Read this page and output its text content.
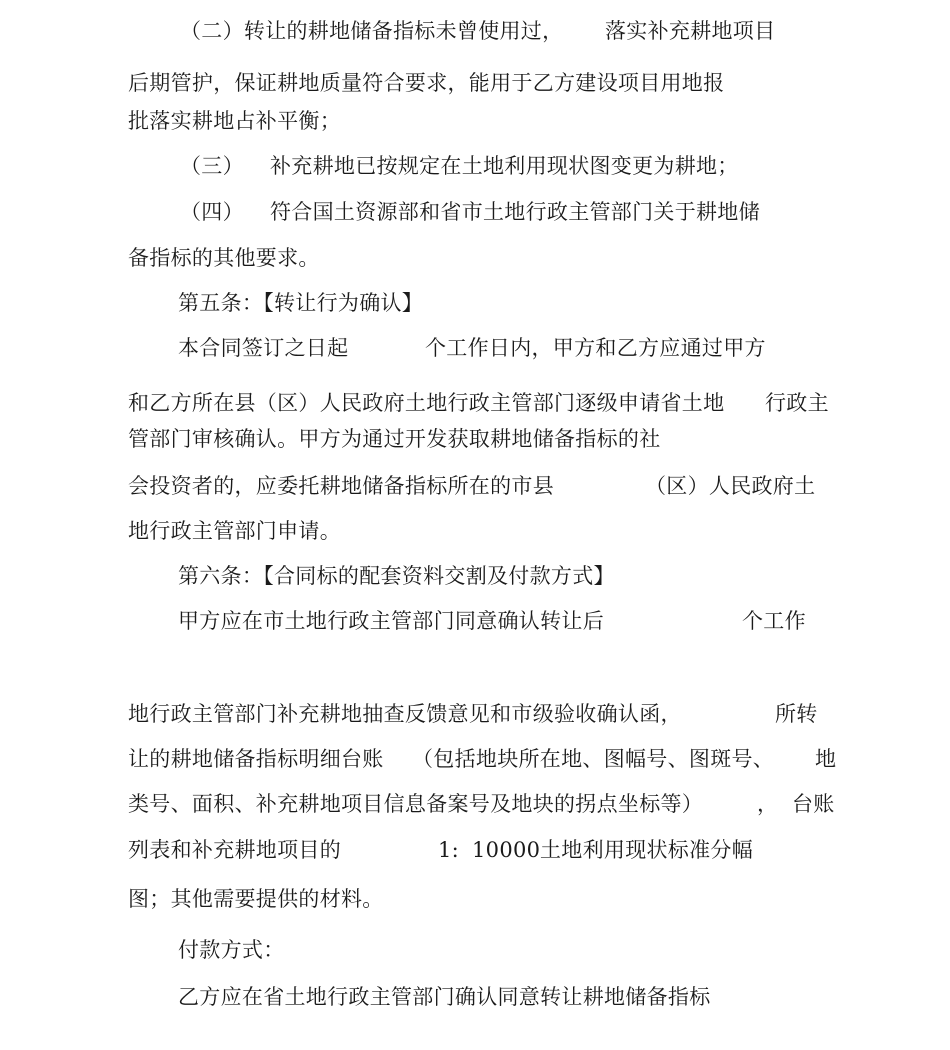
（二）转让的耕地储备指标未曾使用过， 落实补充耕地项目

后期管护，保证耕地质量符合要求，能用于乙方建设项目用地报

批落实耕地占补平衡；

（三） 补充耕地已按规定在土地利用现状图变更为耕地；

（四） 符合国土资源部和省市土地行政主管部门关于耕地储

备指标的其他要求。

第五条：【转让行为确认】

本合同签订之日起	个工作日内，甲方和乙方应通过甲方

和乙方所在县（区）人民政府土地行政主管部门逐级申请省土地 行政主

管部门审核确认。甲方为通过开发获取耕地储备指标的社

会投资者的，应委托耕地储备指标所在的市县	（区）人民政府土

地行政主管部门申请。

第六条：【合同标的配套资料交割及付款方式】

甲方应在市土地行政主管部门同意确认转让后	个工作

地行政主管部门补充耕地抽查反馈意见和市级验收确认函，	所转

让的耕地储备指标明细台账 （包括地块所在地、图幅号、图斑号、 地

类号、面积、补充耕地项目信息备案号及地块的拐点坐标等）	， 台账

列表和补充耕地项目的	1: 10000 土地利用现状标准分幅

图；其他需要提供的材料。

付款方式：

乙方应在省土地行政主管部门确认同意转让耕地储备指标
